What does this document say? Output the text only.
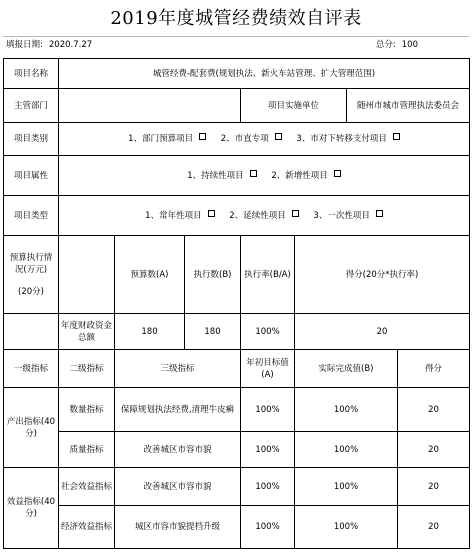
2019年度城管经费绩效自评表
填报日期: 2020.7.27	总分: 100
项目名称	城管经费-配套费(规划执法、新火车站管理、扩大管理范围)						
主管部门				项目实施单位		随州市城市管理执法委员会	
项目类别	1、部门预算项目 2、市直专项 3、市对下转移支付项目						
项目属性	1、持续性项目 2、新增性项目						
项目类型	1、常年性项目 2、延续性项目 3、一次性项目						

预算执行情况(万元)
(20分)		预算数(A)	执行数(B)	执行率(B/A)	得分(20分*执行率)		
	年度财政资金总额	180	180	100%	20		
一级指标	二级指标	三级指标		年初目标值(A)	实际完成值(B)		得分
产出指标(40分)	数量指标	保障规划执法经费,清理牛皮癣		100%	100%		20
	质量指标	改善城区市容市貌		100%	100%		20
效益指标(40分)	社会效益指标	改善城区市容市貌		100%	100%		20
	经济效益指标	城区市容市貌提档升级		100%	100%		20
